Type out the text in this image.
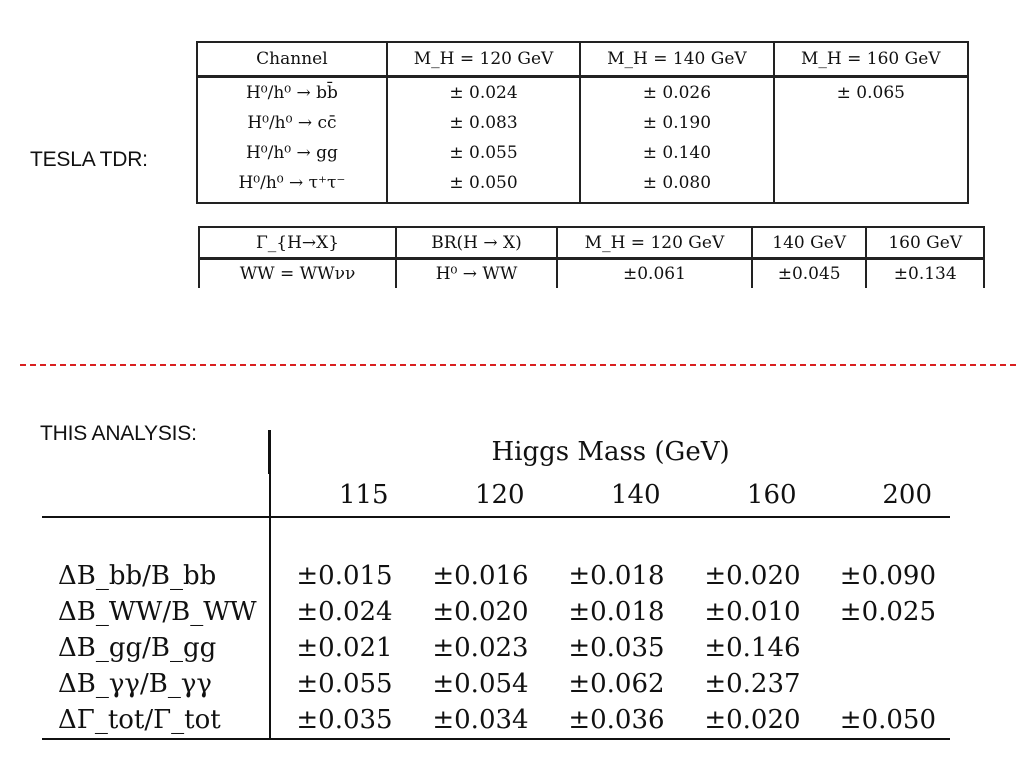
TESLA TDR:
Channel	M_H = 120 GeV	M_H = 140 GeV	M_H = 160 GeV
H⁰/h⁰ → bb̄	± 0.024	± 0.026	± 0.065
H⁰/h⁰ → cc̄	± 0.083	± 0.190	
H⁰/h⁰ → gg	± 0.055	± 0.140	
H⁰/h⁰ → τ⁺τ⁻	± 0.050	± 0.080	

Γ_{H→X}	BR(H → X)	M_H = 120 GeV	140 GeV	160 GeV
WW = WWνν	H⁰ → WW	±0.061	±0.045	±0.134
THIS ANALYSIS:
	Higgs Mass (GeV)				
	115	120	140	160	200

ΔB_bb/B_bb	±0.015	±0.016	±0.018	±0.020	±0.090
ΔB_WW/B_WW	±0.024	±0.020	±0.018	±0.010	±0.025
ΔB_gg/B_gg	±0.021	±0.023	±0.035	±0.146	
ΔB_γγ/B_γγ	±0.055	±0.054	±0.062	±0.237	
ΔΓ_tot/Γ_tot	±0.035	±0.034	±0.036	±0.020	±0.050
